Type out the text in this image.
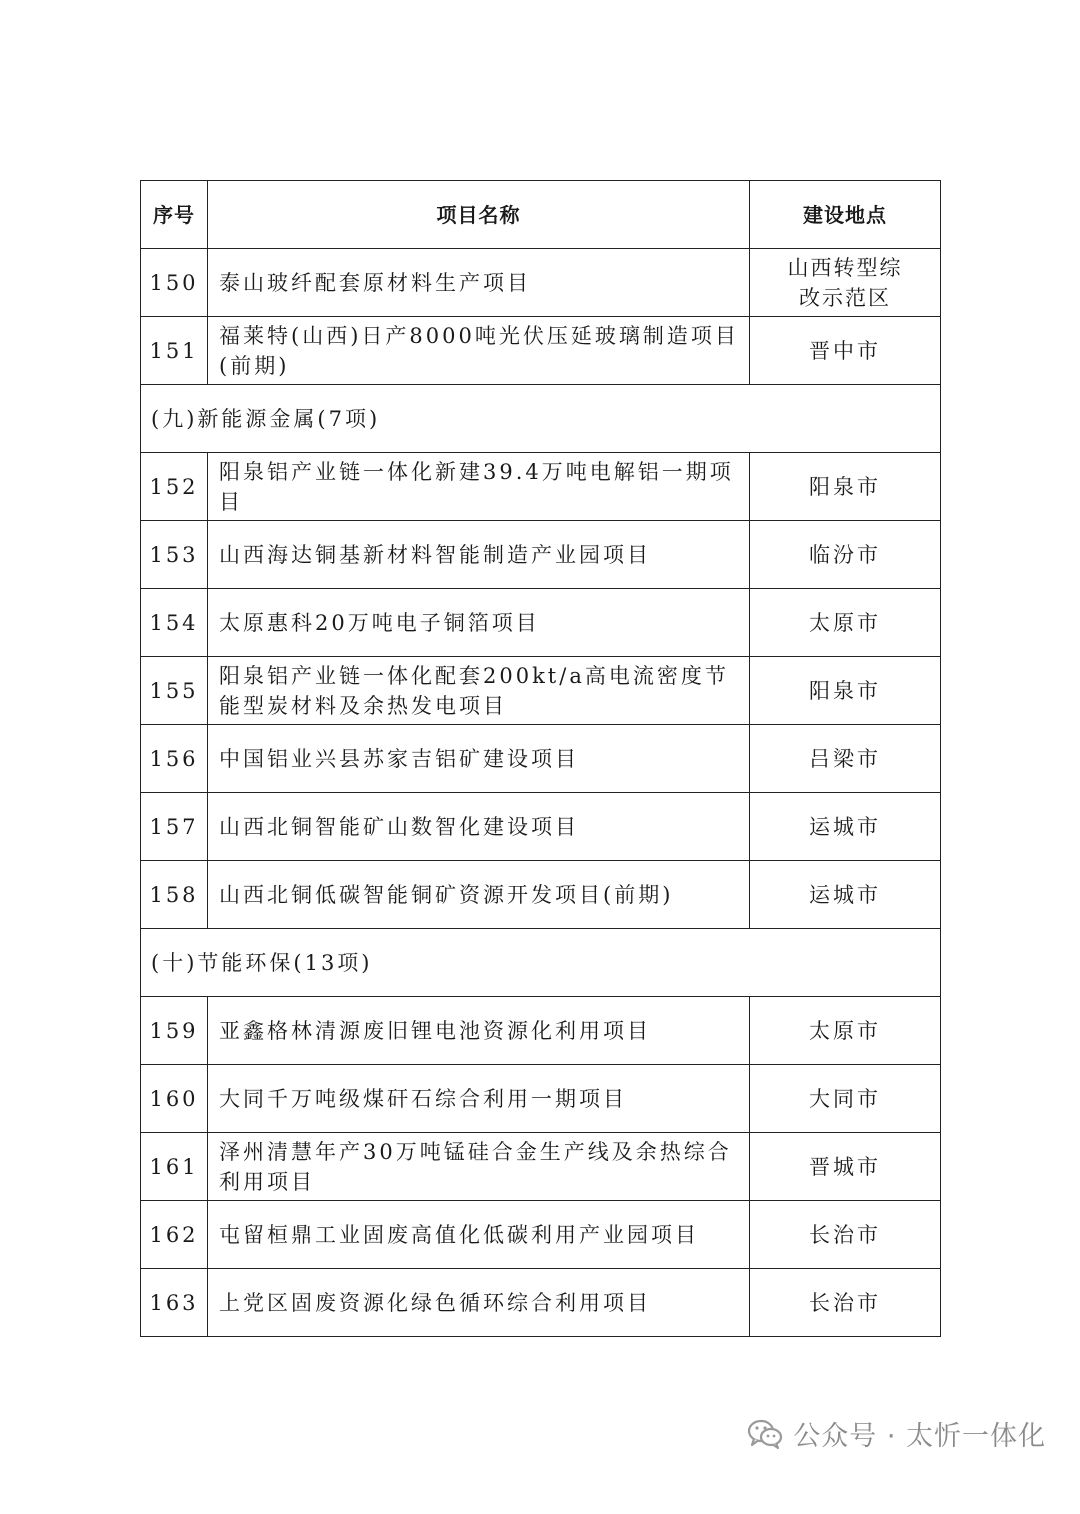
序号	项目名称	建设地点
150	泰山玻纤配套原材料生产项目	山西转型综改示范区
151	福莱特(山西)日产8000吨光伏压延玻璃制造项目(前期)	晋中市
(九)新能源金属(7项)		
152	阳泉铝产业链一体化新建39.4万吨电解铝一期项目	阳泉市
153	山西海达铜基新材料智能制造产业园项目	临汾市
154	太原惠科20万吨电子铜箔项目	太原市
155	阳泉铝产业链一体化配套200kt/a高电流密度节能型炭材料及余热发电项目	阳泉市
156	中国铝业兴县苏家吉铝矿建设项目	吕梁市
157	山西北铜智能矿山数智化建设项目	运城市
158	山西北铜低碳智能铜矿资源开发项目(前期)	运城市
(十)节能环保(13项)		
159	亚鑫格林清源废旧锂电池资源化利用项目	太原市
160	大同千万吨级煤矸石综合利用一期项目	大同市
161	泽州清慧年产30万吨锰硅合金生产线及余热综合利用项目	晋城市
162	屯留桓鼎工业固废高值化低碳利用产业园项目	长治市
163	上党区固废资源化绿色循环综合利用项目	长治市
公众号 · 太忻一体化
